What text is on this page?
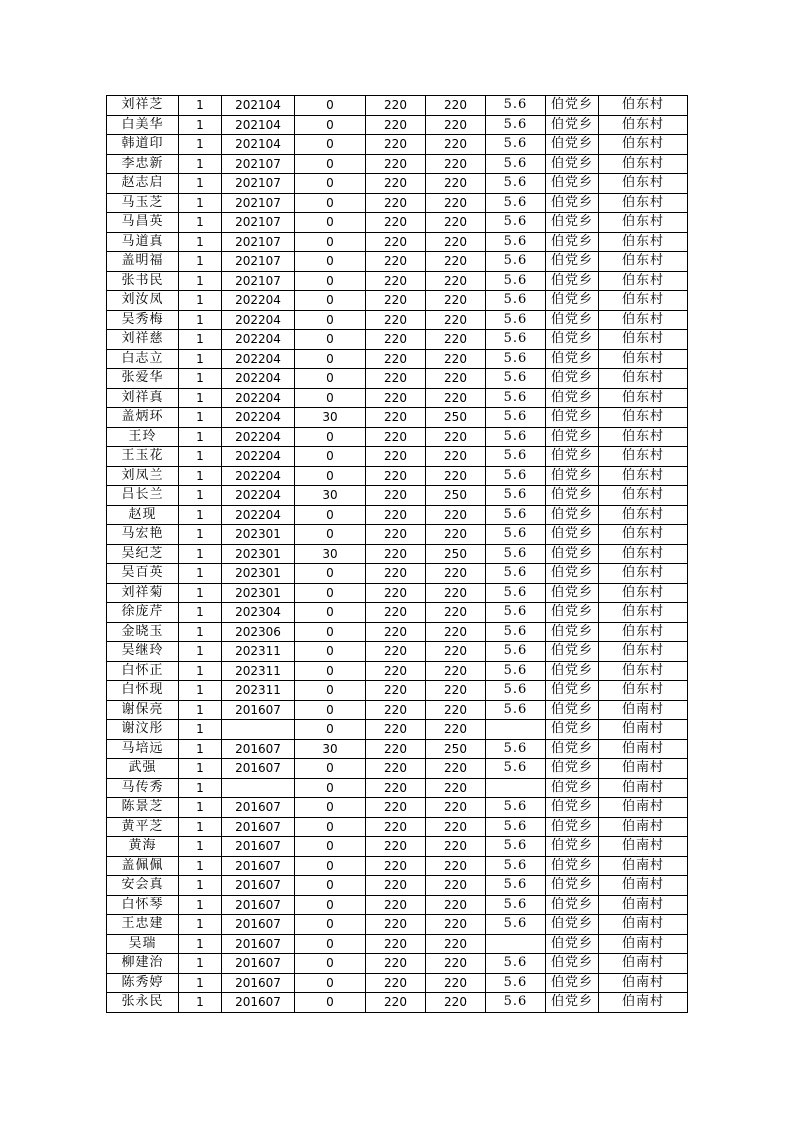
刘祥芝	1	202104	0	220	220	5.6	伯党乡	伯东村
白美华	1	202104	0	220	220	5.6	伯党乡	伯东村
韩道印	1	202104	0	220	220	5.6	伯党乡	伯东村
李忠新	1	202107	0	220	220	5.6	伯党乡	伯东村
赵志启	1	202107	0	220	220	5.6	伯党乡	伯东村
马玉芝	1	202107	0	220	220	5.6	伯党乡	伯东村
马昌英	1	202107	0	220	220	5.6	伯党乡	伯东村
马道真	1	202107	0	220	220	5.6	伯党乡	伯东村
盖明福	1	202107	0	220	220	5.6	伯党乡	伯东村
张书民	1	202107	0	220	220	5.6	伯党乡	伯东村
刘汝凤	1	202204	0	220	220	5.6	伯党乡	伯东村
吴秀梅	1	202204	0	220	220	5.6	伯党乡	伯东村
刘祥慈	1	202204	0	220	220	5.6	伯党乡	伯东村
白志立	1	202204	0	220	220	5.6	伯党乡	伯东村
张爱华	1	202204	0	220	220	5.6	伯党乡	伯东村
刘祥真	1	202204	0	220	220	5.6	伯党乡	伯东村
盖炳环	1	202204	30	220	250	5.6	伯党乡	伯东村
王玲	1	202204	0	220	220	5.6	伯党乡	伯东村
王玉花	1	202204	0	220	220	5.6	伯党乡	伯东村
刘凤兰	1	202204	0	220	220	5.6	伯党乡	伯东村
吕长兰	1	202204	30	220	250	5.6	伯党乡	伯东村
赵现	1	202204	0	220	220	5.6	伯党乡	伯东村
马宏艳	1	202301	0	220	220	5.6	伯党乡	伯东村
吴纪芝	1	202301	30	220	250	5.6	伯党乡	伯东村
吴百英	1	202301	0	220	220	5.6	伯党乡	伯东村
刘祥菊	1	202301	0	220	220	5.6	伯党乡	伯东村
徐庞芹	1	202304	0	220	220	5.6	伯党乡	伯东村
金晓玉	1	202306	0	220	220	5.6	伯党乡	伯东村
吴继玲	1	202311	0	220	220	5.6	伯党乡	伯东村
白怀正	1	202311	0	220	220	5.6	伯党乡	伯东村
白怀现	1	202311	0	220	220	5.6	伯党乡	伯东村
谢保亮	1	201607	0	220	220	5.6	伯党乡	伯南村
谢汶彤	1		0	220	220		伯党乡	伯南村
马培远	1	201607	30	220	250	5.6	伯党乡	伯南村
武强	1	201607	0	220	220	5.6	伯党乡	伯南村
马传秀	1		0	220	220		伯党乡	伯南村
陈景芝	1	201607	0	220	220	5.6	伯党乡	伯南村
黄平芝	1	201607	0	220	220	5.6	伯党乡	伯南村
黄海	1	201607	0	220	220	5.6	伯党乡	伯南村
盖佩佩	1	201607	0	220	220	5.6	伯党乡	伯南村
安会真	1	201607	0	220	220	5.6	伯党乡	伯南村
白怀琴	1	201607	0	220	220	5.6	伯党乡	伯南村
王忠建	1	201607	0	220	220	5.6	伯党乡	伯南村
吴瑞	1	201607	0	220	220		伯党乡	伯南村
柳建治	1	201607	0	220	220	5.6	伯党乡	伯南村
陈秀婷	1	201607	0	220	220	5.6	伯党乡	伯南村
张永民	1	201607	0	220	220	5.6	伯党乡	伯南村
